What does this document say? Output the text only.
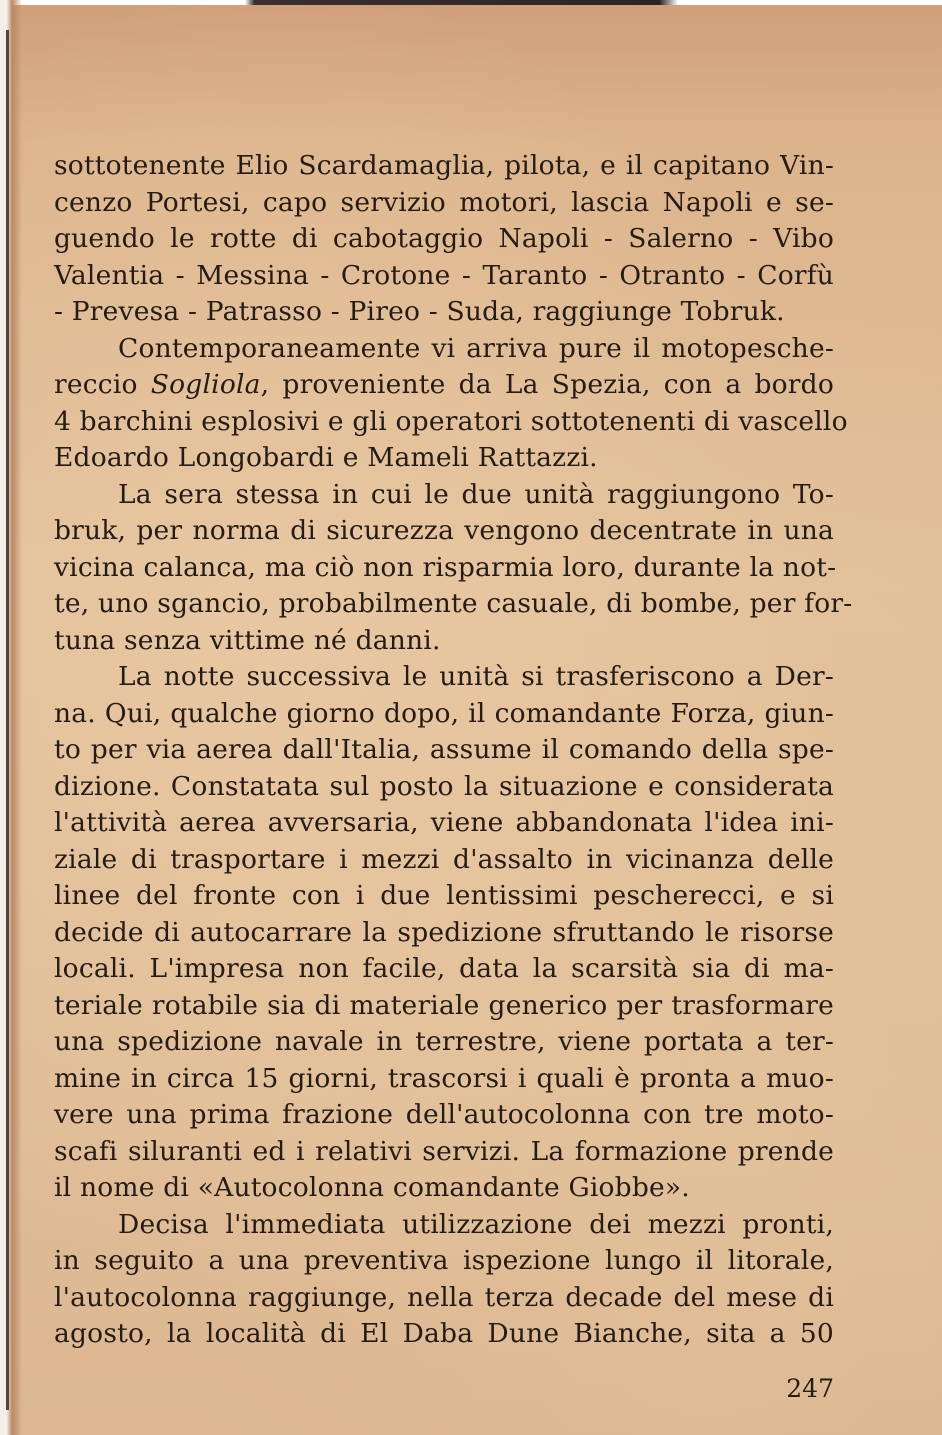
sottotenente Elio Scardamaglia, pilota, e il capitano Vin-
cenzo Portesi, capo servizio motori, lascia Napoli e se-
guendo le rotte di cabotaggio Napoli - Salerno - Vibo
Valentia - Messina - Crotone - Taranto - Otranto - Corfù
- Prevesa - Patrasso - Pireo - Suda, raggiunge Tobruk.
Contemporaneamente vi arriva pure il motopesche-
reccio Sogliola, proveniente da La Spezia, con a bordo
4 barchini esplosivi e gli operatori sottotenenti di vascello
Edoardo Longobardi e Mameli Rattazzi.
La sera stessa in cui le due unità raggiungono To-
bruk, per norma di sicurezza vengono decentrate in una
vicina calanca, ma ciò non risparmia loro, durante la not-
te, uno sgancio, probabilmente casuale, di bombe, per for-
tuna senza vittime né danni.
La notte successiva le unità si trasferiscono a Der-
na. Qui, qualche giorno dopo, il comandante Forza, giun-
to per via aerea dall'Italia, assume il comando della spe-
dizione. Constatata sul posto la situazione e considerata
l'attività aerea avversaria, viene abbandonata l'idea ini-
ziale di trasportare i mezzi d'assalto in vicinanza delle
linee del fronte con i due lentissimi pescherecci, e si
decide di autocarrare la spedizione sfruttando le risorse
locali. L'impresa non facile, data la scarsità sia di ma-
teriale rotabile sia di materiale generico per trasformare
una spedizione navale in terrestre, viene portata a ter-
mine in circa 15 giorni, trascorsi i quali è pronta a muo-
vere una prima frazione dell'autocolonna con tre moto-
scafi siluranti ed i relativi servizi. La formazione prende
il nome di «Autocolonna comandante Giobbe».
Decisa l'immediata utilizzazione dei mezzi pronti,
in seguito a una preventiva ispezione lungo il litorale,
l'autocolonna raggiunge, nella terza decade del mese di
agosto, la località di El Daba Dune Bianche, sita a 50
247
